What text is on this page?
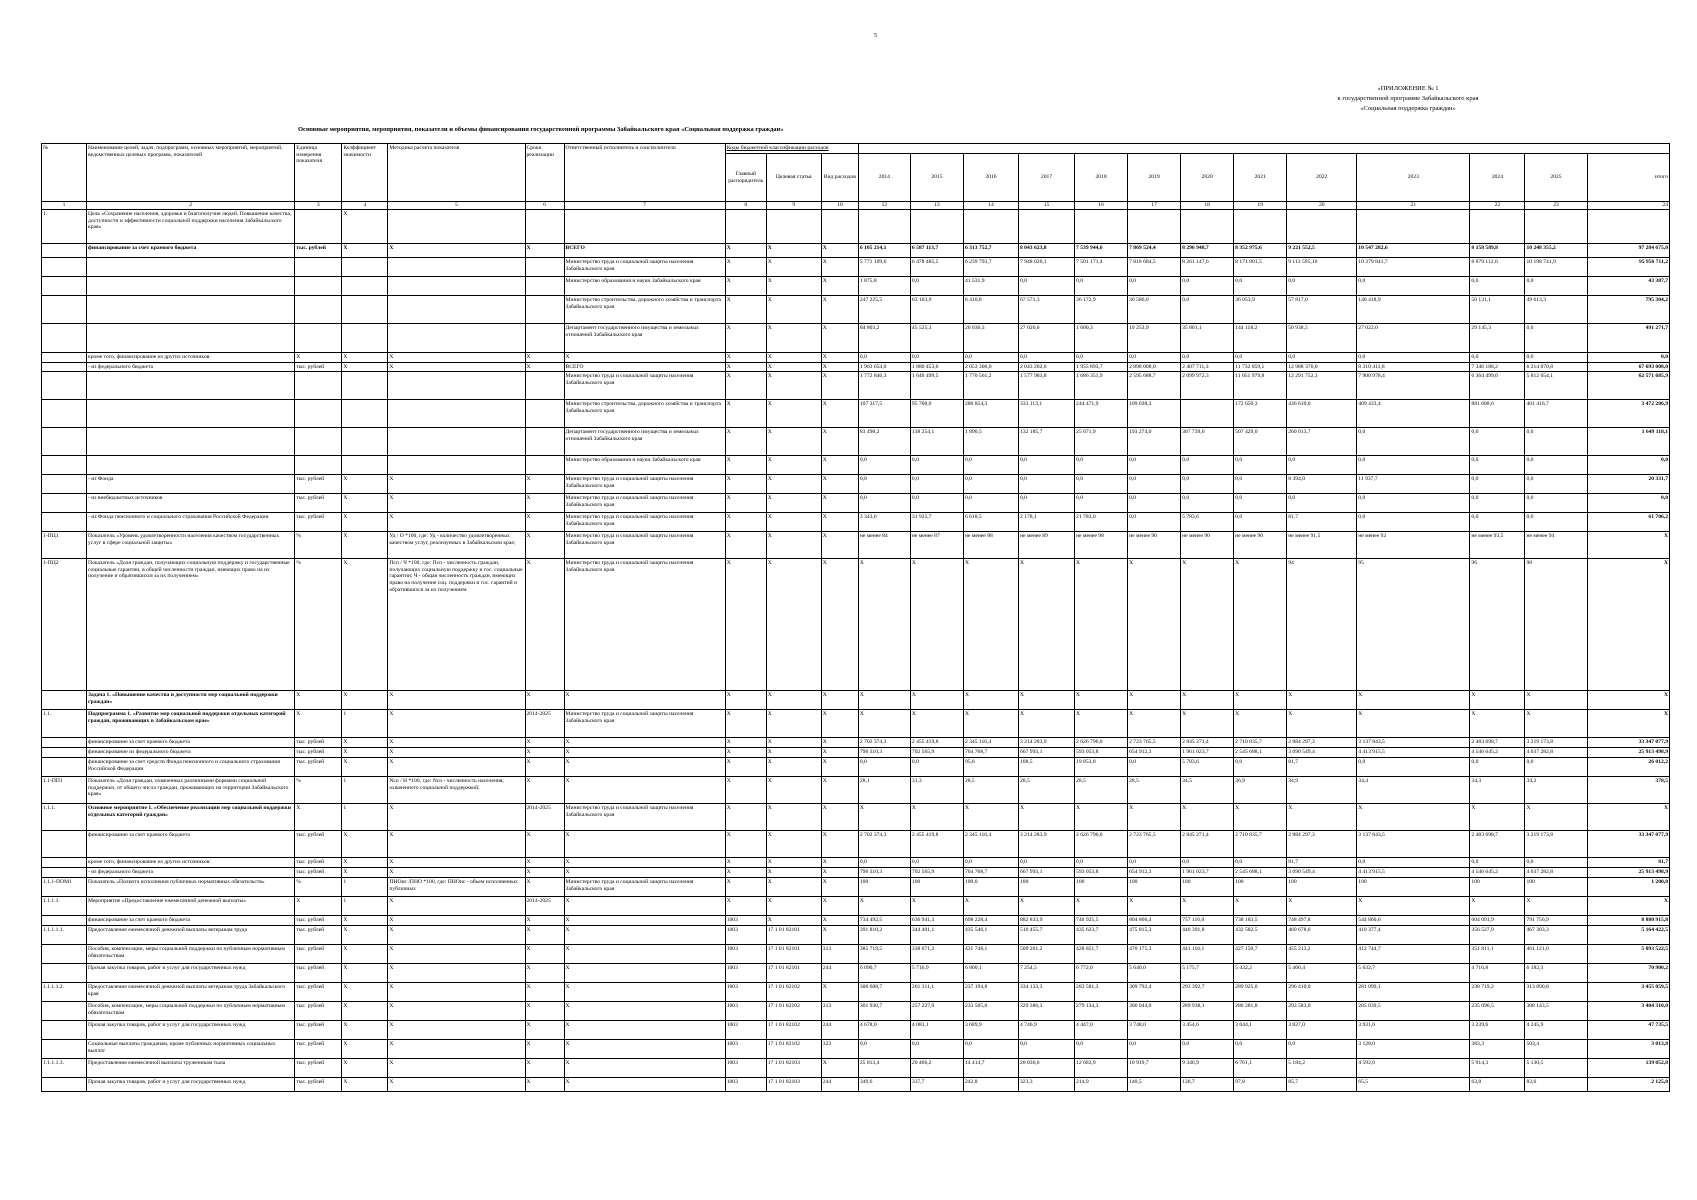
5
«ПРИЛОЖЕНИЕ № 1
к государственной программе Забайкальского края
«Социальная поддержка граждан»
Основные мероприятия, мероприятия, показатели и объемы финансирования государственной программы Забайкальского края «Социальная поддержка граждан»
№	Наименование целей, задач, подпрограмм, основных мероприятий, мероприятий, ведомственных целевых программ, показателей	Единица измерения показателя	Коэффициент значимости	Методика расчета показателя	Сроки реализации	Ответственный исполнитель и соисполнители	Коды бюджетной классификации расходов															
							Главный распорядитель	Целевая статья	Вид расходов	2014	2015	2016	2017	2018	2019	2020	2021	2022	2023	2024	2025	итого
1	2	3	4	5	6	7	8	9	10	12	13	14	15	16	17	18	19	20	21	22	23	24
1.	Цель «Сохранение населения, здоровья и благополучия людей. Повышение качества, доступности и эффективности социальной поддержки населения Забайкальского края»		X																			
	финансирование за счет краевого бюджета	тыс. рублей	X	X	X	ВСЕГО	X	X	X	6 105 214,1	6 587 113,7	6 313 752,7	8 043 623,8	7 539 944,6	7 869 524,4	8 296 948,7	8 352 975,6	9 221 552,5	10 547 282,6	8 158 589,8	10 248 355,2	97 284 675,0
						Министерство труда и социальной защиты населения Забайкальского края	X	X	X	5 771 109,6	6 478 485,5	6 239 793,7	7 948 026,1	7 501 171,4	7 818 684,5	8 261 147,6	8 171 801,5	9 113 595,10	10 379 841,7	8 079 112,6	10 198 741,9	95 956 711,2
						Министерство образования и науки Забайкальского края	X	X	X	1 875,8	0,0	41 531,9	0,0	0,0	0,0	0,0	0,0	0,0	0,0	0,0	0,0	43 387,7
						Министерство строительства, дорожного хозяйства и транспорта Забайкальского края	X	X	X	247 225,5	63 103,9	6 410,8	67 571,3	36 172,9	30 586,0	0,0	36 053,9	57 817,0	140 418,9	50 131,1	49 613,3	795 304,2
						Департамент государственного имущества и земельных отношений Забайкальского края	X	X	X	84 803,2	45 525,3	26 036,3	27 026,6	1 600,3	19 253,9	35 801,1	144 118,2	50 938,5	27 022,0	29 145,3	0,0	491 271,7
	кроме того, финансирование из других источников:	X	X	X	X	X	X	X	X	0,0	0,0	0,0	0,0	0,0	0,0	0,0	0,0	0,0	0,0	0,0	0,0	0,0
	- из федерального бюджета	тыс. рублей	X	X	X	ВСЕГО	X	X	X	1 963 654,0	1 880 453,6	2 053 306,0	2 043 202,6	1 955 893,7	2 898 008,0	2 407 711,3	11 732 059,1	12 988 376,0	8 310 411,8	7 346 188,2	6 214 070,8	67 693 008,0
						Министерство труда и социальной защиты населения Забайкальского края	X	X	X	1 772 846,3	1 646 499,5	1 770 561,2	1 577 903,8	1 686 351,9	2 595 688,7	2 099 972,3	11 051 979,8	12 291 752,3	7 900 978,4	6 364 499,6	5 812 654,1	62 571 685,9
						Министерство строительства, дорожного хозяйства и транспорта Забайкальского края	X	X	X	107 317,5	95 700,0	280 854,3	333 113,1	244 471,9	109 038,3		172 650,3	436 610,0	409 433,4	881 688,6	401 416,7	3 472 286,9
						Департамент государственного имущества и земельных отношений Забайкальского края	X	X	X	83 498,2	138 254,1	1 890,5	132 185,7	25 071,9	193 274,0	307 739,0	507 429,0	260 013,7	0,0	0,0	0,0	1 649 118,1
						Министерство образования и науки Забайкальского края	X	X	X	0,0	0,0	0,0	0,0	0,0	0,0	0,0	0,0	0,0	0,0	0,0	0,0	0,0
	- из Фонда	тыс. рублей	X	X	X	Министерство труда и социальной защиты населения Забайкальского края	X	X	X	0,0	0,0	0,0	0,0	0,0	0,0	0,0	0,0	8 394,0	11 937,7	0,0	0,0	20 331,7
	- из внебюджетных источников	тыс. рублей	X	X	X	Министерство труда и социальной защиты населения Забайкальского края	X	X	X	0,0	0,0	0,0	0,0	0,0	0,0	0,0	0,0	0,0	0,0	0,0	0,0	0,0
	- из Фонда пенсионного и социального страхования Российской Федерации	тыс. рублей	X	X	X	Министерство труда и социальной защиты населения Забайкальского края	X	X	X	3 343,6	31 925,7	6 618,5	2 178,1	21 783,0	0,0	5 783,6	0,0	81,7	0,0	0,0	0,0	61 706,2
1-ПЦ1	Показатель «Уровень удовлетворенности населения качеством государственных услуг в сфере социальной защиты»	%	X	Уд / О *100, где: Уд - количество удовлетворенных качеством услуг, реализуемых в Забайкальском крае;	X	Министерство труда и социальной защиты населения Забайкальского края	X	X	X	не менее 84	не менее 87	не менее 88	не менее 89	не менее 98	не менее 90	не менее 90	не менее 90	не менее 91,5	не менее 92	не менее 93,5	не менее 94	X
1-ПЦ2	Показатель «Доля граждан, получающих социальную поддержку и государственные социальные гарантии, в общей численности граждан, имеющих право на их получение и обратившихся за их получением»	%	X	Псп / Ч *100, где: Псп - численность граждан, получающих социальную поддержку и гос. социальные гарантии; Ч - общая численность граждан, имеющих право на получение соц. поддержки и гос. гарантий и обратившихся за их получением	X	Министерство труда и социальной защиты населения Забайкальского края	X	X	X	X	X	X	X	X	X	X	X	94	95	96	98	X
	Задача 1. «Повышение качества и доступности мер социальной поддержки граждан»	X	X	X	X	X	X	X	X	X	X	X	X	X	X	X	X	X	X	X	X	X
1.1.	Подпрограмма 1. «Развитие мер социальной поддержки отдельных категорий граждан, проживающих в Забайкальском крае»	X	1	X	2014-2025	Министерство труда и социальной защиты населения Забайкальского края	X	X	X	X	X	X	X	X	X	X	X	X	X	X	X	X
	финансирование за счет краевого бюджета	тыс. рублей	X	X	X	X	X	X	X	2 702 374,3	2 455 419,8	2 345 116,4	3 214 283,9	2 626 796,0	2 723 765,5	2 845 271,4	2 710 835,7	2 884 297,3	3 137 843,5	2 483 698,7	3 219 173,8	33 347 077,9
	финансирование из федерального бюджета	тыс. рублей	X	X	X	X	X	X	X	796 310,3	702 565,9	704 768,7	667 993,1	593 053,8	654 912,3	1 961 023,7	2 545 688,1	3 690 549,4	4 413 915,5	4 546 645,2	4 637 282,8	25 913 498,9
	финансирование за счет средств Фонда пенсионного и социального страхования Российской Федерации	тыс. рублей	X	X	X	X	X	X	X	0,0	0,0	95,6	108,5	19 853,8	0,0	5 783,6	0,0	81,7	0,0	0,0	0,0	26 012,2
1.1-ПП1	Показатель «Доля граждан, охваченных различными формами социальной поддержки, от общего числа граждан, проживающих на территории Забайкальского края»	%	1	Ncn / H *100, где: Ncn - численность населения, охваченного социальной поддержкой;	X	X	X	X	X	28,1	31,3	28,5	28,5	28,5	28,5	34,5	36,9	34,9	34,4	34,3	34,2	378,5
1.1.1.	Основное мероприятие 1. «Обеспечение реализации мер социальной поддержки отдельных категорий граждан»	X	1	X	2014-2025	Министерство труда и социальной защиты населения Забайкальского края	X	X	X	X	X	X	X	X	X	X	X	X	X	X	X	X
	финансирование за счет краевого бюджета	тыс. рублей	X	X	X	X	X	X	X	2 702 374,3	2 455 419,8	2 345 116,4	3 214 283,9	2 626 796,0	2 723 765,5	2 845 271,4	2 710 835,7	2 884 297,3	3 137 843,5	2 483 698,7	3 219 173,8	33 347 077,9
	кроме того, финансирование из других источников:	тыс. рублей	X	X	X	X	X	X	X	0,0	0,0	0,0	0,0	0,0	0,0	0,0	0,0	81,7	0,0	0,0	0,0	81,7
	- из федерального бюджета	тыс. рублей	X	X	X	X	X	X	X	796 310,3	702 565,9	704 768,7	667 993,1	593 053,8	654 912,3	1 961 023,7	2 545 688,1	3 690 549,4	4 413 915,5	4 546 645,2	4 637 282,8	25 913 498,9
1.1.1-ПОМ1	Показатель «Полнота исполнения публичных нормативных обязательств»	%	1	ПНОис /ПНО *100, где: ПНОис - объем исполненных публичных	X	Министерство труда и социальной защиты населения Забайкальского края	X	X	X	100	100	100,0	100	100	100	100	100	100	100	100	100	1 200,0
1.1.1.1.	Мероприятие «Предоставление ежемесячной денежной выплаты»	X	1	X	2014-2025	X	X	X	X	X	X	X	X	X	X	X	X	X	X	X	X	X
	финансирование за счет краевого бюджета	тыс. рублей	X	X	X	X	1003	X	X	734 492,5	636 941,3	698 228,4	882 833,9	740 925,5	804 866,4	757 116,0	738 183,5	748 497,8	544 860,6	604 091,9	791 756,9	8 880 915,8
1.1.1.1.1.	Предоставление ежемесячной денежной выплаты ветеранам труда	тыс. рублей	X	X	X	X	1003	17 1 01 82101	X	391 810,2	344 401,1	435 546,1	516 455,7	435 623,7	475 815,3	446 391,8	432 582,5	460 678,6	410 377,4	356 527,9	467 303,3	5 164 422,5
	Пособия, компенсации, меры социальной поддержки по публичным нормативным обязательствам	тыс. рублей	X	X	X	X	1003	17 1 01 82101	313	385 719,5	338 671,2	431 748,1	509 201,2	428 851,7	470 175,3	441 116,1	427 150,7	455 213,2	412 744,7	351 811,1	461 121,0	5 093 522,5
	Прочая закупка товаров, работ и услуг для государственных нужд	тыс. рублей	X	X	X	X	1003	17 1 01 82101	244	6 090,7	5 716,9	6 800,1	7 254,5	6 772,0	5 640,0	5 175,7	5 432,2	5 466,4	5 632,7	4 716,8	6 182,3	70 900,2
1.1.1.1.2.	Предоставление ежемесячной денежной выплаты ветеранам труда Забайкальского края	тыс. рублей	X	X	X	X	1003	17 1 01 82102	X	306 688,7	261 311,1	237 194,8	334 133,3	283 581,3	309 792,4	293 392,7	289 925,0	296 410,0	281 099,1	238 719,2	313 890,8	3 455 059,5
	Пособия, компенсации, меры социальной поддержки по публичным нормативным обязательствам	тыс. рублей	X	X	X	X	1003	17 1 01 82102	313	301 930,7	257 227,0	233 505,0	329 386,3	279 134,3	306 044,0	289 938,1	286 281,8	293 583,0	285 039,5	235 096,5	308 143,5	3 404 310,0
	Прочая закупка товаров, работ и услуг для государственных нужд	тыс. рублей	X	X	X	X	1003	17 1 01 82102	244	4 678,0	4 083,1	3 689,9	4 746,9	4 447,0	3 748,0	3 454,6	3 644,1	3 827,0	3 931,6	3 239,6	4 245,9	47 735,5
	Социальные выплаты гражданам, кроме публичных нормативных социальных выплат	тыс. рублей	X	X	X	X	1003	17 1 01 82102	323	0,0	0,0	0,0	0,0	0,0	0,0	0,0	0,0	0,0	3 128,0	383,3	503,4	3 013,8
1.1.1.1.3.	Предоставление ежемесячной выплаты труженикам тыла	тыс. рублей	X	X	X	X	1003	17 1 01 82103	X	25 813,4	20 466,2	14 414,7	20 036,6	12 683,9	10 919,7	9 346,9	6 761,1	5 184,2	4 592,0	5 914,3	5 130,5	139 052,8
	Прочая закупка товаров, работ и услуг для государственных нужд	тыс. рублей	X	X	X	X	1003	17 1 01 82103	244	349,6	337,7	242,8	323,3	214,9	140,5	138,7	97,8	85,7	65,5	63,8	83,6	2 125,0
